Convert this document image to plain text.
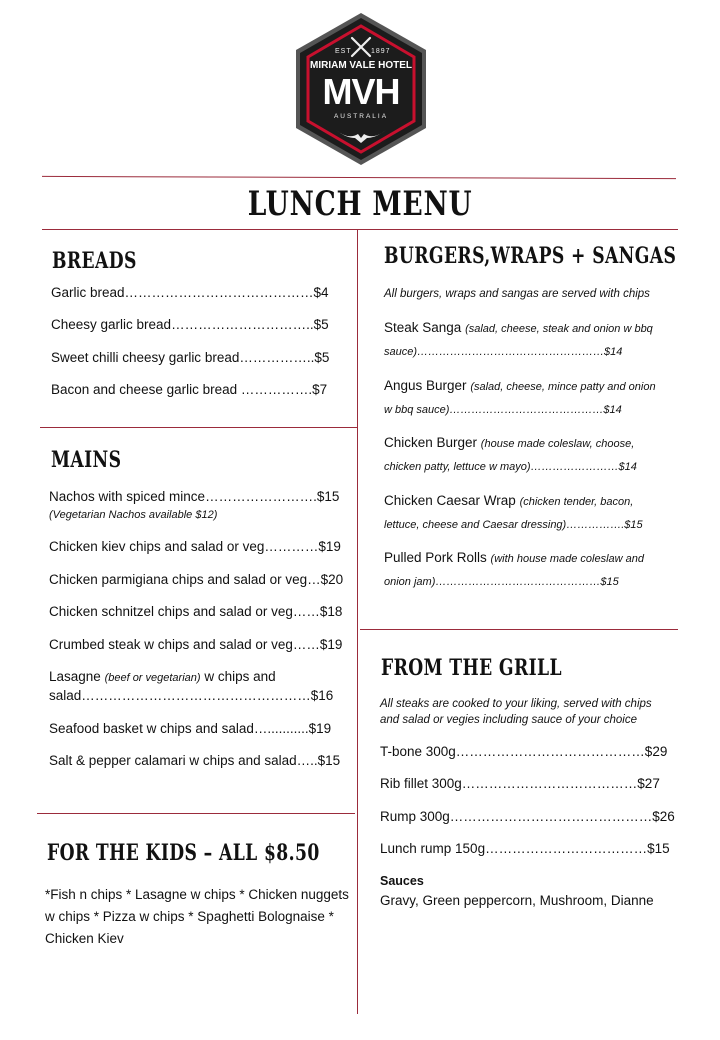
EST	1897
MIRIAM VALE HOTEL
MVH
AUSTRALIA
LUNCH MENU
BREADS
Garlic bread……………………………………$4
Cheesy garlic bread…………………………..$5
Sweet chilli cheesy garlic bread……………..$5
Bacon and cheese garlic bread …………….$7
MAINS
Nachos with spiced mince…………………….$15
(Vegetarian Nachos available $12)
Chicken kiev chips and salad or veg…………$19
Chicken parmigiana chips and salad or veg…$20
Chicken schnitzel chips and salad or veg……$18
Crumbed steak w chips and salad or veg……$19
Lasagne (beef or vegetarian) w chips and
salad……………………………………………$16
Seafood basket w chips and salad…...........$19
Salt & pepper calamari w chips and salad…..$15
FOR THE KIDS – ALL $8.50
*Fish n chips * Lasagne w chips * Chicken nuggets w chips * Pizza w chips * Spaghetti Bolognaise * Chicken Kiev
BURGERS,WRAPS + SANGAS
All burgers, wraps and sangas are served with chips
Steak Sanga (salad, cheese, steak and onion w bbq
sauce)……………………………………………$14
Angus Burger (salad, cheese, mince patty and onion
w bbq sauce)……………………………………$14
Chicken Burger (house made coleslaw, choose,
chicken patty, lettuce w mayo)……………………$14
Chicken Caesar Wrap (chicken tender, bacon,
lettuce, cheese and Caesar dressing)…………….$15
Pulled Pork Rolls (with house made coleslaw and
onion jam)………………………………………$15
FROM THE GRILL
All steaks are cooked to your liking, served with chips
and salad or vegies including sauce of your choice
T-bone 300g……………………………………$29
Rib fillet 300g…………………………………$27
Rump 300g………………………………………$26
Lunch rump 150g………………………………$15
Sauces
Gravy, Green peppercorn, Mushroom, Dianne
